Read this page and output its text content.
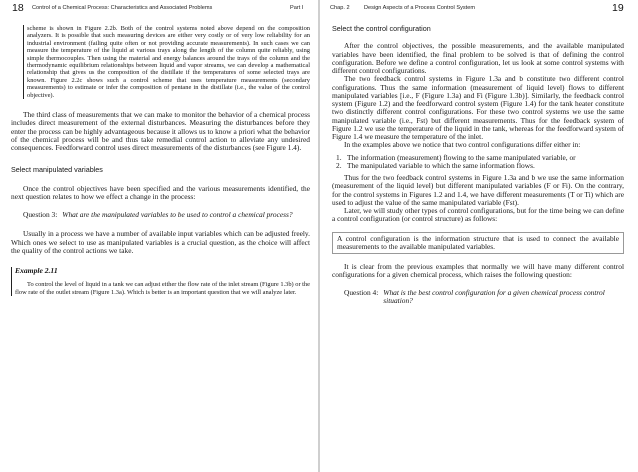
18 Control of a Chemical Process: Characteristics and Associated Problems	Part I

scheme is shown in Figure 2.2b. Both of the control systems noted above depend on the composition analyzers. It is possible that such measuring devices are either very costly or of very low reliability for an industrial environment (failing quite often or not providing accurate measurements). In such cases we can measure the temperature of the liquid at various trays along the length of the column quite reliably, using simple thermocouples. Then using the material and energy balances around the trays of the column and the thermodynamic equilibrium relationships between liquid and vapor streams, we can develop a mathematical relationship that gives us the composition of the distillate if the temperatures of some selected trays are known. Figure 2.2c shows such a control scheme that uses temperature measurements (secondary measurements) to estimate or infer the composition of pentane in the distillate (i.e., the value of the control objective).

The third class of measurements that we can make to monitor the behavior of a chemical process includes direct measurement of the external disturbances. Measuring the disturbances before they enter the process can be highly advantageous because it allows us to know a priori what the behavior of the chemical process will be and thus take remedial control action to alleviate any undesired consequences. Feedforward control uses direct measurements of the disturbances (see Figure 1.4).

Select manipulated variables

Once the control objectives have been specified and the various measurements identified, the next question relates to how we effect a change in the process:

Question 3: What are the manipulated variables to be used to control a chemical process?

Usually in a process we have a number of available input variables which can be adjusted freely. Which ones we select to use as manipulated variables is a crucial question, as the choice will affect the quality of the control actions we take.

Example 2.11

To control the level of liquid in a tank we can adjust either the flow rate of the inlet stream (Figure 1.3b) or the flow rate of the outlet stream (Figure 1.3a). Which is better is an important question that we will analyze later.

Chap. 2	Design Aspects of a Process Control System	19

Select the control configuration

After the control objectives, the possible measurements, and the available manipulated variables have been identified, the final problem to be solved is that of defining the control configuration. Before we define a control configuration, let us look at some control systems with different control configurations.

The two feedback control systems in Figure 1.3a and b constitute two different control configurations. Thus the same information (measurement of liquid level) flows to different manipulated variables [i.e., F (Figure 1.3a) and Fi (Figure 1.3b)]. Similarly, the feedback control system (Figure 1.2) and the feedforward control system (Figure 1.4) for the tank heater constitute two distinctly different control configurations. For these two control systems we use the same manipulated variable (i.e., Fst) but different measurements. Thus for the feedback system of Figure 1.2 we use the temperature of the liquid in the tank, whereas for the feedforward system of Figure 1.4 we measure the temperature of the inlet.

In the examples above we notice that two control configurations differ either in:

1. The information (measurement) flowing to the same manipulated variable, or
2. The manipulated variable to which the same information flows.

Thus for the two feedback control systems in Figure 1.3a and b we use the same information (measurement of the liquid level) but different manipulated variables (F or Fi). On the contrary, for the control systems in Figures 1.2 and 1.4, we have different measurements (T or Ti) which are used to adjust the value of the same manipulated variable (Fst).

Later, we will study other types of control configurations, but for the time being we can define a control configuration (or control structure) as follows:

A control configuration is the information structure that is used to connect the available measurements to the available manipulated variables.

It is clear from the previous examples that normally we will have many different control configurations for a given chemical process, which raises the following question:

Question 4: What is the best control configuration for a given chemical process control situation?
